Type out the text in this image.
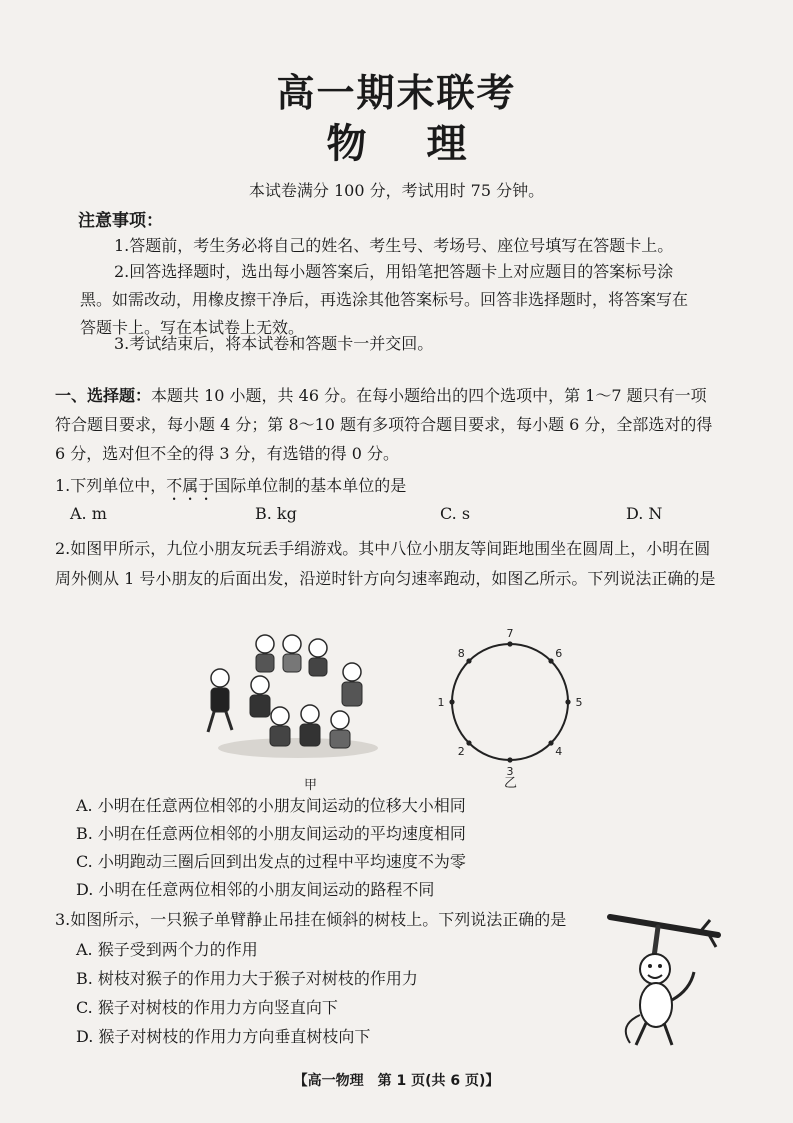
高一期末联考
物理
本试卷满分 100 分，考试用时 75 分钟。
注意事项：
1.答题前，考生务必将自己的姓名、考生号、考场号、座位号填写在答题卡上。
2.回答选择题时，选出每小题答案后，用铅笔把答题卡上对应题目的答案标号涂黑。如需改动，用橡皮擦干净后，再选涂其他答案标号。回答非选择题时，将答案写在答题卡上。写在本试卷上无效。
3.考试结束后，将本试卷和答题卡一并交回。
一、选择题：本题共 10 小题，共 46 分。在每小题给出的四个选项中，第 1～7 题只有一项符合题目要求，每小题 4 分；第 8～10 题有多项符合题目要求，每小题 6 分，全部选对的得 6 分，选对但不全的得 3 分，有选错的得 0 分。
1.下列单位中，不属于国际单位制的基本单位的是
A. m	B. kg	C. s	D. N
2.如图甲所示，九位小朋友玩丢手绢游戏。其中八位小朋友等间距地围坐在圆周上，小明在圆周外侧从 1 号小朋友的后面出发，沿逆时针方向匀速率跑动，如图乙所示。下列说法正确的是
甲
1
2
3
4
5
6
7
8
乙
A. 小明在任意两位相邻的小朋友间运动的位移大小相同
B. 小明在任意两位相邻的小朋友间运动的平均速度相同
C. 小明跑动三圈后回到出发点的过程中平均速度不为零
D. 小明在任意两位相邻的小朋友间运动的路程不同
3.如图所示，一只猴子单臂静止吊挂在倾斜的树枝上。下列说法正确的是
A. 猴子受到两个力的作用
B. 树枝对猴子的作用力大于猴子对树枝的作用力
C. 猴子对树枝的作用力方向竖直向下
D. 猴子对树枝的作用力方向垂直树枝向下
【高一物理　第 1 页(共 6 页)】
